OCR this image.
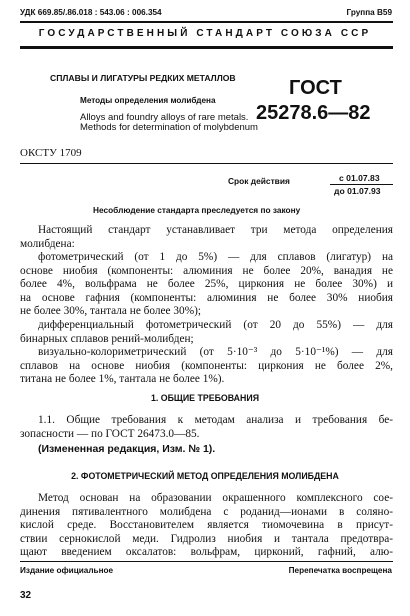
УДК 669.85/.86.018 : 543.06 : 006.354	Группа В59
ГОСУДАРСТВЕННЫЙ СТАНДАРТ СОЮЗА ССР
СПЛАВЫ И ЛИГАТУРЫ РЕДКИХ МЕТАЛЛОВ
Методы определения молибдена
Alloys and foundry alloys of rare metals.
Methods for determination of molybdenum
ГОСТ
25278.6—82
ОКСТУ 1709
Срок действия	с 01.07.83
до 01.07.93
Несоблюдение стандарта преследуется по закону
Настоящий стандарт устанавливает три метода определения
молибдена:
фотометрический (от 1 до 5%) — для сплавов (лигатур) на
основе ниобия (компоненты: алюминия не более 20%, ванадия не
более 4%, вольфрама не более 25%, циркония не более 30%) и
на основе гафния (компоненты: алюминия не более 30% ниобия
не более 30%, тантала не более 30%);
дифференциальный фотометрический (от 20 до 55%) — для
бинарных сплавов рений-молибден;
визуально-колориметрический (от 5·10⁻³ до 5·10⁻¹%) — для
сплавов на основе ниобия (компоненты: циркония не более 2%,
титана не более 1%, тантала не более 1%).
1. ОБЩИЕ ТРЕБОВАНИЯ
1.1. Общие требования к методам анализа и требования бе-
зопасности — по ГОСТ 26473.0—85.
(Измененная редакция, Изм. № 1).
2. ФОТОМЕТРИЧЕСКИЙ МЕТОД ОПРЕДЕЛЕНИЯ МОЛИБДЕНА
Метод основан на образовании окрашенного комплексного сое-
динения пятивалентного молибдена с роданид—ионами в солянo-
кислой среде. Восстановителем является тиомочевина в присут-
ствии сернокислой меди. Гидролиз ниобия и тантала предотвра-
щают введением оксалатов: вольфрам, цирконий, гафний, алю-
Издание официальное	Перепечатка воспрещена
32
